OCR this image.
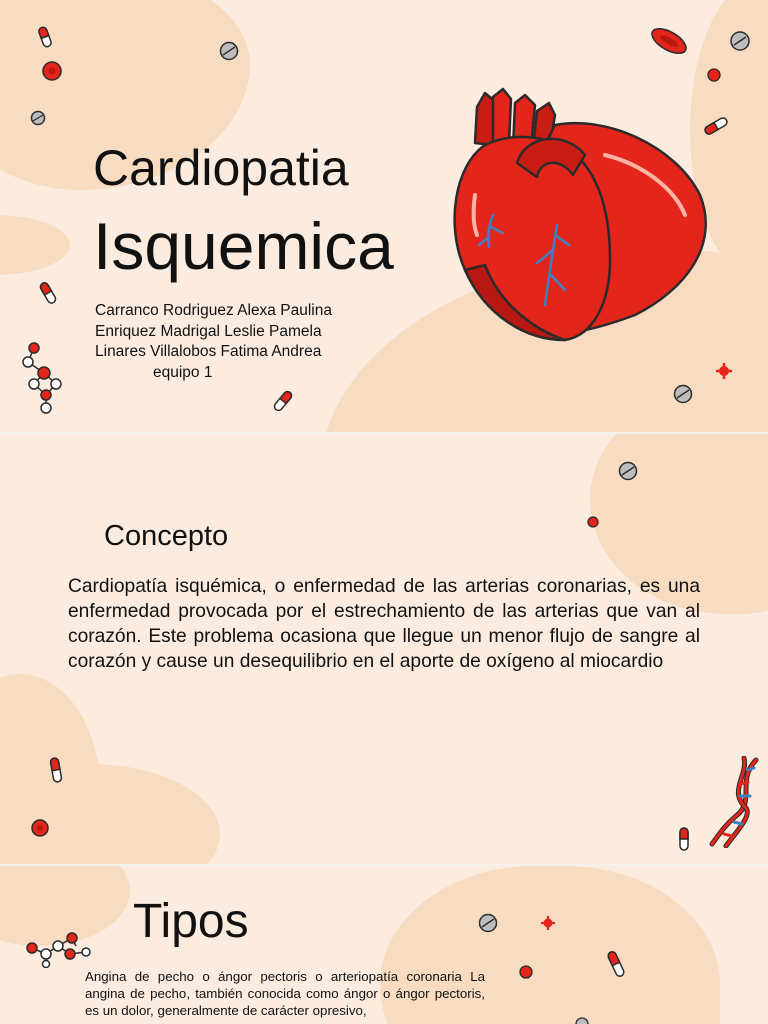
Cardiopatia
Isquemica
Carranco Rodriguez Alexa Paulina
Enriquez Madrigal Leslie Pamela
Linares Villalobos Fatima Andrea
equipo 1
Concepto
Cardiopatía isquémica, o enfermedad de las arterias coronarias, es una enfermedad provocada por el estrechamiento de las arterias que van al corazón. Este problema ocasiona que llegue un menor flujo de sangre al corazón y cause un desequilibrio en el aporte de oxígeno al miocardio
Tipos
Angina de pecho o ángor pectoris o arteriopatía coronaria La angina de pecho, también conocida como ángor o ángor pectoris, es un dolor, generalmente de carácter opresivo,
